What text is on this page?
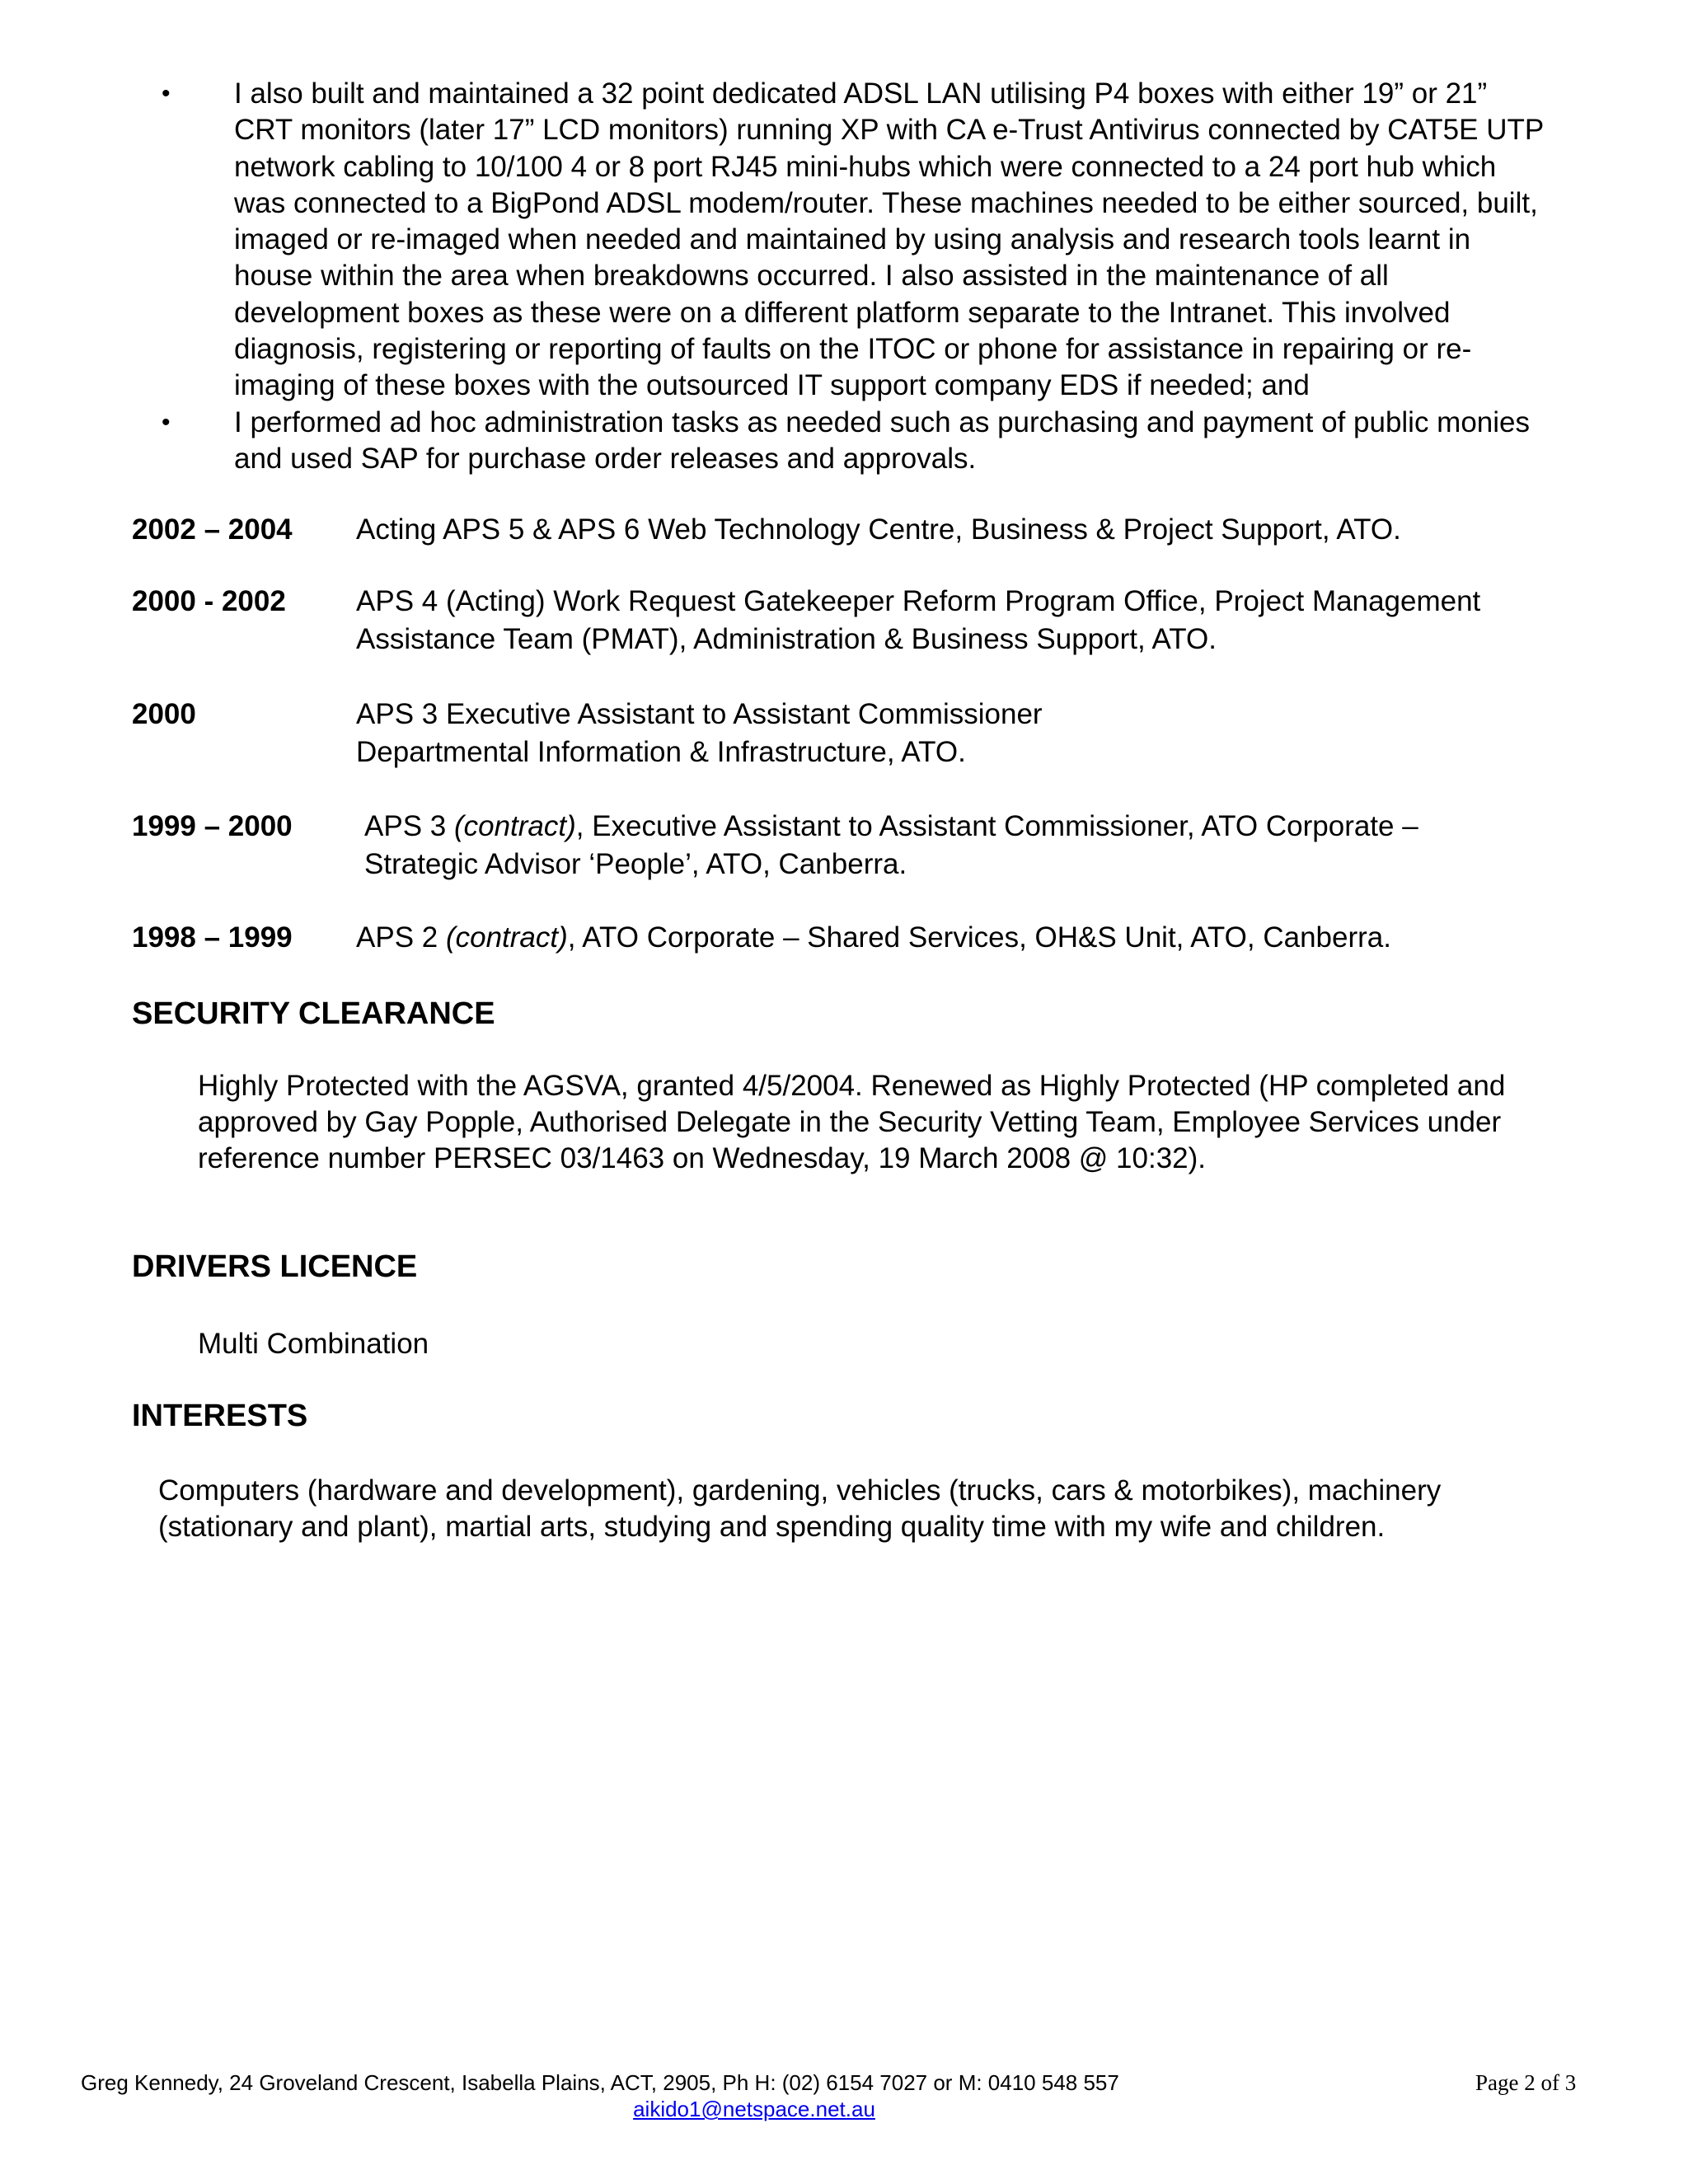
• I also built and maintained a 32 point dedicated ADSL LAN utilising P4 boxes with either 19” or 21” CRT monitors (later 17” LCD monitors) running XP with CA e-Trust Antivirus connected by CAT5E UTP network cabling to 10/100 4 or 8 port RJ45 mini-hubs which were connected to a 24 port hub which was connected to a BigPond ADSL modem/router. These machines needed to be either sourced, built, imaged or re-imaged when needed and maintained by using analysis and research tools learnt in house within the area when breakdowns occurred. I also assisted in the maintenance of all development boxes as these were on a different platform separate to the Intranet. This involved diagnosis, registering or reporting of faults on the ITOC or phone for assistance in repairing or re-imaging of these boxes with the outsourced IT support company EDS if needed; and
• I performed ad hoc administration tasks as needed such as purchasing and payment of public monies and used SAP for purchase order releases and approvals.
2002 – 2004 Acting APS 5 & APS 6 Web Technology Centre, Business & Project Support, ATO.
2000 - 2002 APS 4 (Acting) Work Request Gatekeeper Reform Program Office, Project Management
Assistance Team (PMAT), Administration & Business Support, ATO.
2000	APS 3 Executive Assistant to Assistant Commissioner
Departmental Information & Infrastructure, ATO.
1999 – 2000 APS 3 (contract), Executive Assistant to Assistant Commissioner, ATO Corporate –
Strategic Advisor ‘People’, ATO, Canberra.
1998 – 1999 APS 2 (contract), ATO Corporate – Shared Services, OH&S Unit, ATO, Canberra.
SECURITY CLEARANCE

Highly Protected with the AGSVA, granted 4/5/2004. Renewed as Highly Protected (HP completed and approved by Gay Popple, Authorised Delegate in the Security Vetting Team, Employee Services under reference number PERSEC 03/1463 on Wednesday, 19 March 2008 @ 10:32).

DRIVERS LICENCE

Multi Combination

INTERESTS

Computers (hardware and development), gardening, vehicles (trucks, cars & motorbikes), machinery (stationary and plant), martial arts, studying and spending quality time with my wife and children.

Greg Kennedy, 24 Groveland Crescent, Isabella Plains, ACT, 2905, Ph H: (02) 6154 7027 or M: 0410 548 557	Page 2 of 3
aikido1@netspace.net.au
